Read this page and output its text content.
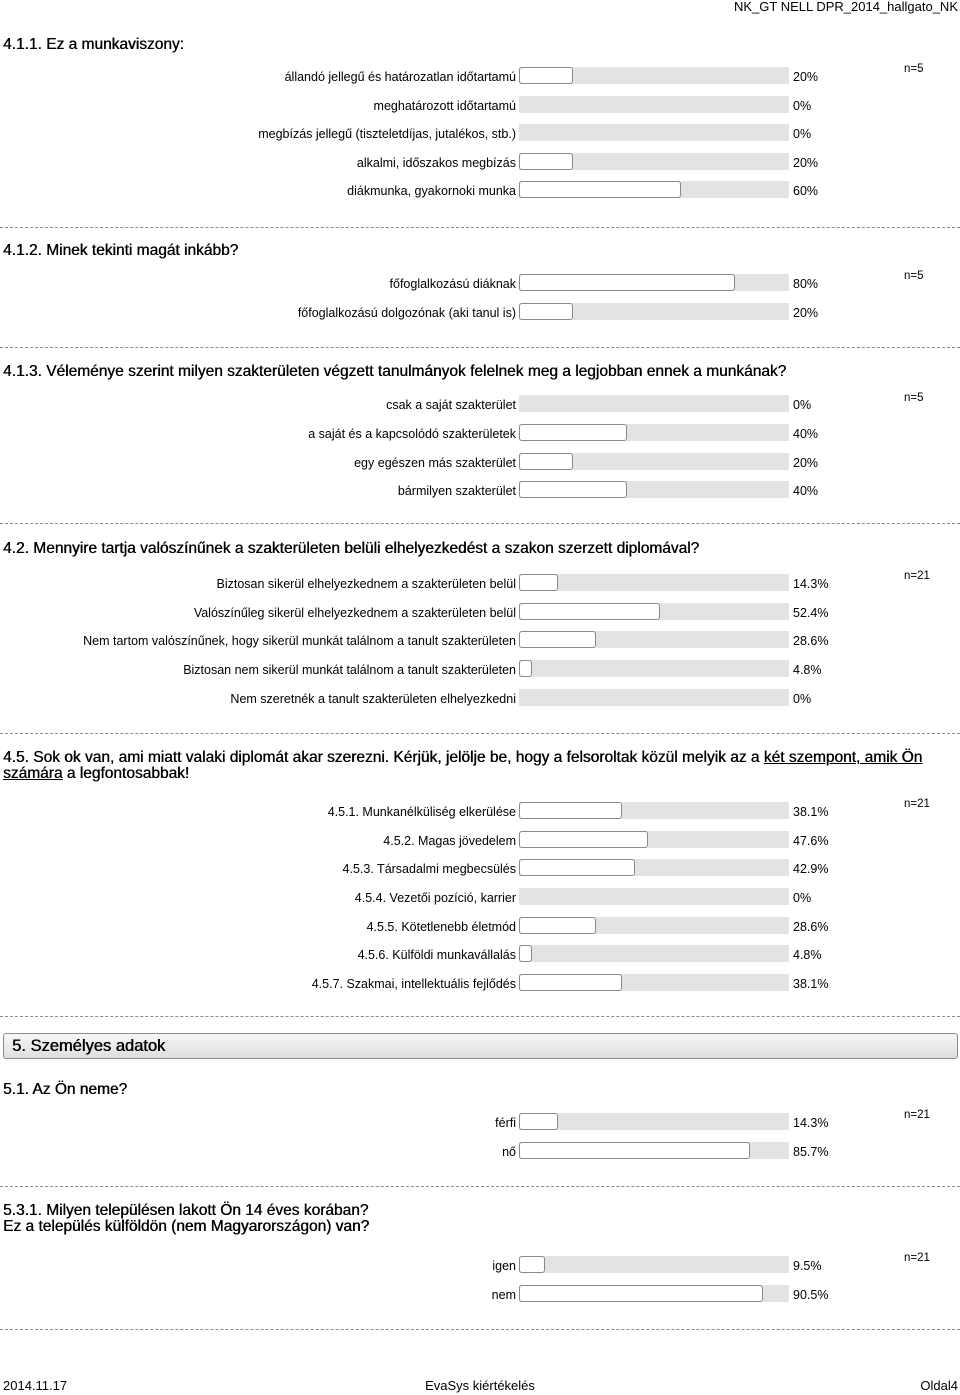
NK_GT NELL DPR_2014_hallgato_NK
4.1.1. Ez a munkaviszony:
n=5
állandó jellegű és határozatlan időtartamú	20%
meghatározott időtartamú	0%
megbízás jellegű (tiszteletdíjas, jutalékos, stb.)	0%
alkalmi, időszakos megbízás	20%
diákmunka, gyakornoki munka	60%
4.1.2. Minek tekinti magát inkább?
n=5
főfoglalkozású diáknak	80%
főfoglalkozású dolgozónak (aki tanul is)	20%
4.1.3. Véleménye szerint milyen szakterületen végzett tanulmányok felelnek meg a legjobban ennek a munkának?
n=5
csak a saját szakterület	0%
a saját és a kapcsolódó szakterületek	40%
egy egészen más szakterület	20%
bármilyen szakterület	40%
4.2. Mennyire tartja valószínűnek a szakterületen belüli elhelyezkedést a szakon szerzett diplomával?
n=21
Biztosan sikerül elhelyezkednem a szakterületen belül	14.3%
Valószínűleg sikerül elhelyezkednem a szakterületen belül	52.4%
Nem tartom valószínűnek, hogy sikerül munkát találnom a tanult szakterületen	28.6%
Biztosan nem sikerül munkát találnom a tanult szakterületen	4.8%
Nem szeretnék a tanult szakterületen elhelyezkedni	0%
4.5. Sok ok van, ami miatt valaki diplomát akar szerezni. Kérjük, jelölje be, hogy a felsoroltak közül melyik az a két szempont, amik Ön számára a legfontosabbak!
n=21
4.5.1. Munkanélküliség elkerülése	38.1%
4.5.2. Magas jövedelem	47.6%
4.5.3. Társadalmi megbecsülés	42.9%
4.5.4. Vezetői pozíció, karrier	0%
4.5.5. Kötetlenebb életmód	28.6%
4.5.6. Külföldi munkavállalás	4.8%
4.5.7. Szakmai, intellektuális fejlődés	38.1%
5. Személyes adatok
5.1. Az Ön neme?
n=21
férfi	14.3%
nő	85.7%
5.3.1. Milyen településen lakott Ön 14 éves korában?
Ez a település külföldön (nem Magyarországon) van?
n=21
igen	9.5%
nem	90.5%
2014.11.17	EvaSys kiértékelés	Oldal4
